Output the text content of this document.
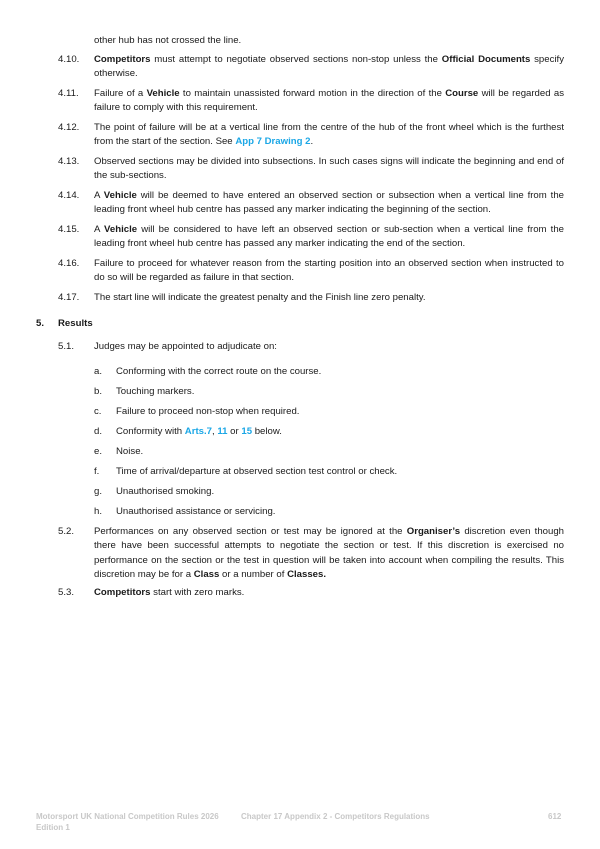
other hub has not crossed the line.
4.10.	Competitors must attempt to negotiate observed sections non-stop unless the Official Documents specify otherwise.
4.11.	Failure of a Vehicle to maintain unassisted forward motion in the direction of the Course will be regarded as failure to comply with this requirement.
4.12.	The point of failure will be at a vertical line from the centre of the hub of the front wheel which is the furthest from the start of the section. See App 7 Drawing 2.
4.13.	Observed sections may be divided into subsections. In such cases signs will indicate the beginning and end of the sub-sections.
4.14.	A Vehicle will be deemed to have entered an observed section or subsection when a vertical line from the leading front wheel hub centre has passed any marker indicating the beginning of the section.
4.15.	A Vehicle will be considered to have left an observed section or sub-section when a vertical line from the leading front wheel hub centre has passed any marker indicating the end of the section.
4.16.	Failure to proceed for whatever reason from the starting position into an observed section when instructed to do so will be regarded as failure in that section.
4.17.	The start line will indicate the greatest penalty and the Finish line zero penalty.
5. Results
5.1.	Judges may be appointed to adjudicate on:
a.	Conforming with the correct route on the course.
b.	Touching markers.
c.	Failure to proceed non-stop when required.
d.	Conformity with Arts.7, 11 or 15 below.
e.	Noise.
f.	Time of arrival/departure at observed section test control or check.
g.	Unauthorised smoking.
h.	Unauthorised assistance or servicing.
5.2.	Performances on any observed section or test may be ignored at the Organiser’s discretion even though there have been successful attempts to negotiate the section or test. If this discretion is exercised no performance on the section or the test in question will be taken into account when compiling the results. This discretion may be for a Class or a number of Classes.
5.3.	Competitors start with zero marks.
Motorsport UK National Competition Rules 2026
Edition 1
Chapter 17 Appendix 2 - Competitors Regulations	612
